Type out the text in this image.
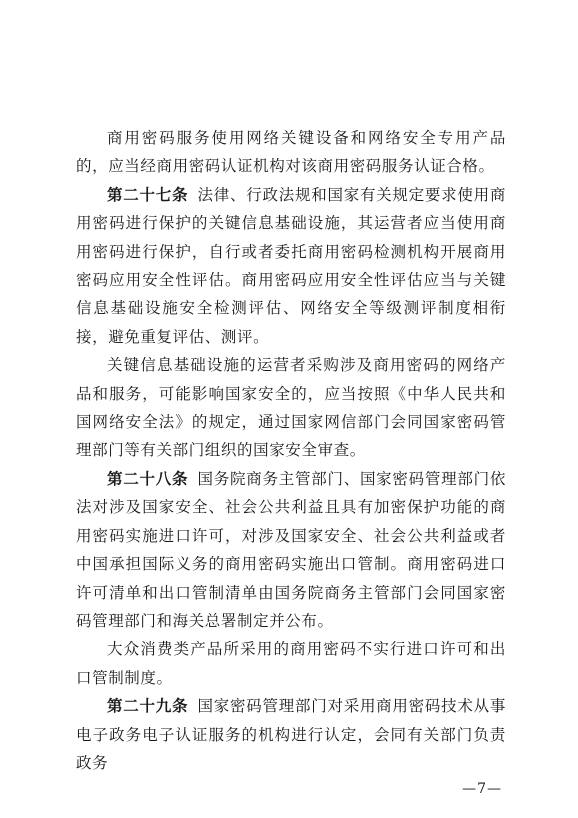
商用密码服务使用网络关键设备和网络安全专用产品的，应当经商用密码认证机构对该商用密码服务认证合格。

第二十七条 法律、行政法规和国家有关规定要求使用商用密码进行保护的关键信息基础设施，其运营者应当使用商用密码进行保护，自行或者委托商用密码检测机构开展商用密码应用安全性评估。商用密码应用安全性评估应当与关键信息基础设施安全检测评估、网络安全等级测评制度相衔接，避免重复评估、测评。

关键信息基础设施的运营者采购涉及商用密码的网络产品和服务，可能影响国家安全的，应当按照《中华人民共和国网络安全法》的规定，通过国家网信部门会同国家密码管理部门等有关部门组织的国家安全审查。

第二十八条 国务院商务主管部门、国家密码管理部门依法对涉及国家安全、社会公共利益且具有加密保护功能的商用密码实施进口许可，对涉及国家安全、社会公共利益或者中国承担国际义务的商用密码实施出口管制。商用密码进口许可清单和出口管制清单由国务院商务主管部门会同国家密码管理部门和海关总署制定并公布。

大众消费类产品所采用的商用密码不实行进口许可和出口管制制度。

第二十九条 国家密码管理部门对采用商用密码技术从事电子政务电子认证服务的机构进行认定，会同有关部门负责政务

—7—
